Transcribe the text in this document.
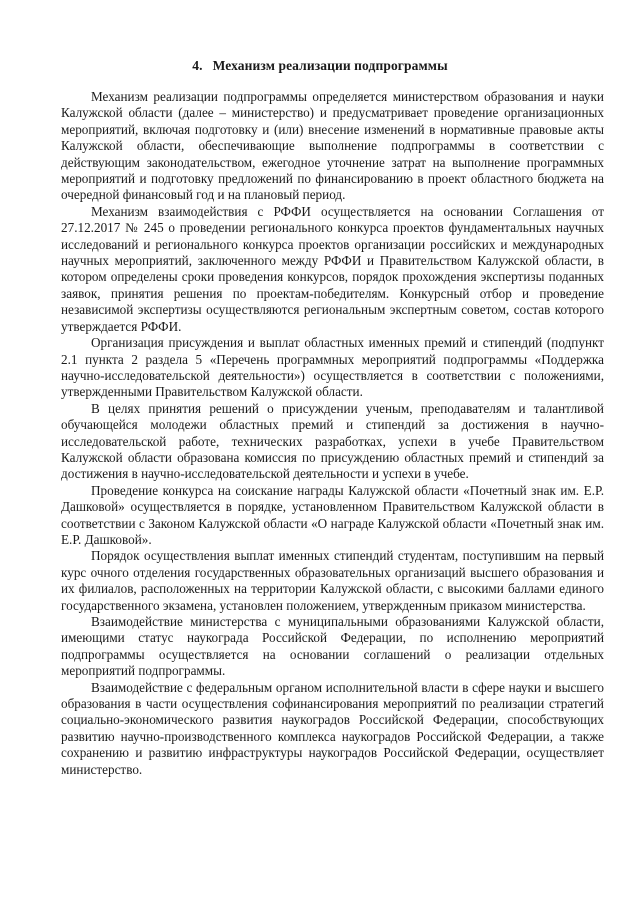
4. Механизм реализации подпрограммы

Механизм реализации подпрограммы определяется министерством образования и науки Калужской области (далее – министерство) и предусматривает проведение организационных мероприятий, включая подготовку и (или) внесение изменений в нормативные правовые акты Калужской области, обеспечивающие выполнение подпрограммы в соответствии с действующим законодательством, ежегодное уточнение затрат на выполнение программных мероприятий и подготовку предложений по финансированию в проект областного бюджета на очередной финансовый год и на плановый период.

Механизм взаимодействия с РФФИ осуществляется на основании Соглашения от 27.12.2017 № 245 о проведении регионального конкурса проектов фундаментальных научных исследований и регионального конкурса проектов организации российских и международных научных мероприятий, заключенного между РФФИ и Правительством Калужской области, в котором определены сроки проведения конкурсов, порядок прохождения экспертизы поданных заявок, принятия решения по проектам-победителям. Конкурсный отбор и проведение независимой экспертизы осуществляются региональным экспертным советом, состав которого утверждается РФФИ.

Организация присуждения и выплат областных именных премий и стипендий (подпункт 2.1 пункта 2 раздела 5 «Перечень программных мероприятий подпрограммы «Поддержка научно-исследовательской деятельности») осуществляется в соответствии с положениями, утвержденными Правительством Калужской области.

В целях принятия решений о присуждении ученым, преподавателям и талантливой обучающейся молодежи областных премий и стипендий за достижения в научно-исследовательской работе, технических разработках, успехи в учебе Правительством Калужской области образована комиссия по присуждению областных премий и стипендий за достижения в научно-исследовательской деятельности и успехи в учебе.

Проведение конкурса на соискание награды Калужской области «Почетный знак им. Е.Р. Дашковой» осуществляется в порядке, установленном Правительством Калужской области в соответствии с Законом Калужской области «О награде Калужской области «Почетный знак им. Е.Р. Дашковой».

Порядок осуществления выплат именных стипендий студентам, поступившим на первый курс очного отделения государственных образовательных организаций высшего образования и их филиалов, расположенных на территории Калужской области, с высокими баллами единого государственного экзамена, установлен положением, утвержденным приказом министерства.

Взаимодействие министерства с муниципальными образованиями Калужской области, имеющими статус наукограда Российской Федерации, по исполнению мероприятий подпрограммы осуществляется на основании соглашений о реализации отдельных мероприятий подпрограммы.

Взаимодействие с федеральным органом исполнительной власти в сфере науки и высшего образования в части осуществления софинансирования мероприятий по реализации стратегий социально-экономического развития наукоградов Российской Федерации, способствующих развитию научно-производственного комплекса наукоградов Российской Федерации, а также сохранению и развитию инфраструктуры наукоградов Российской Федерации, осуществляет министерство.
